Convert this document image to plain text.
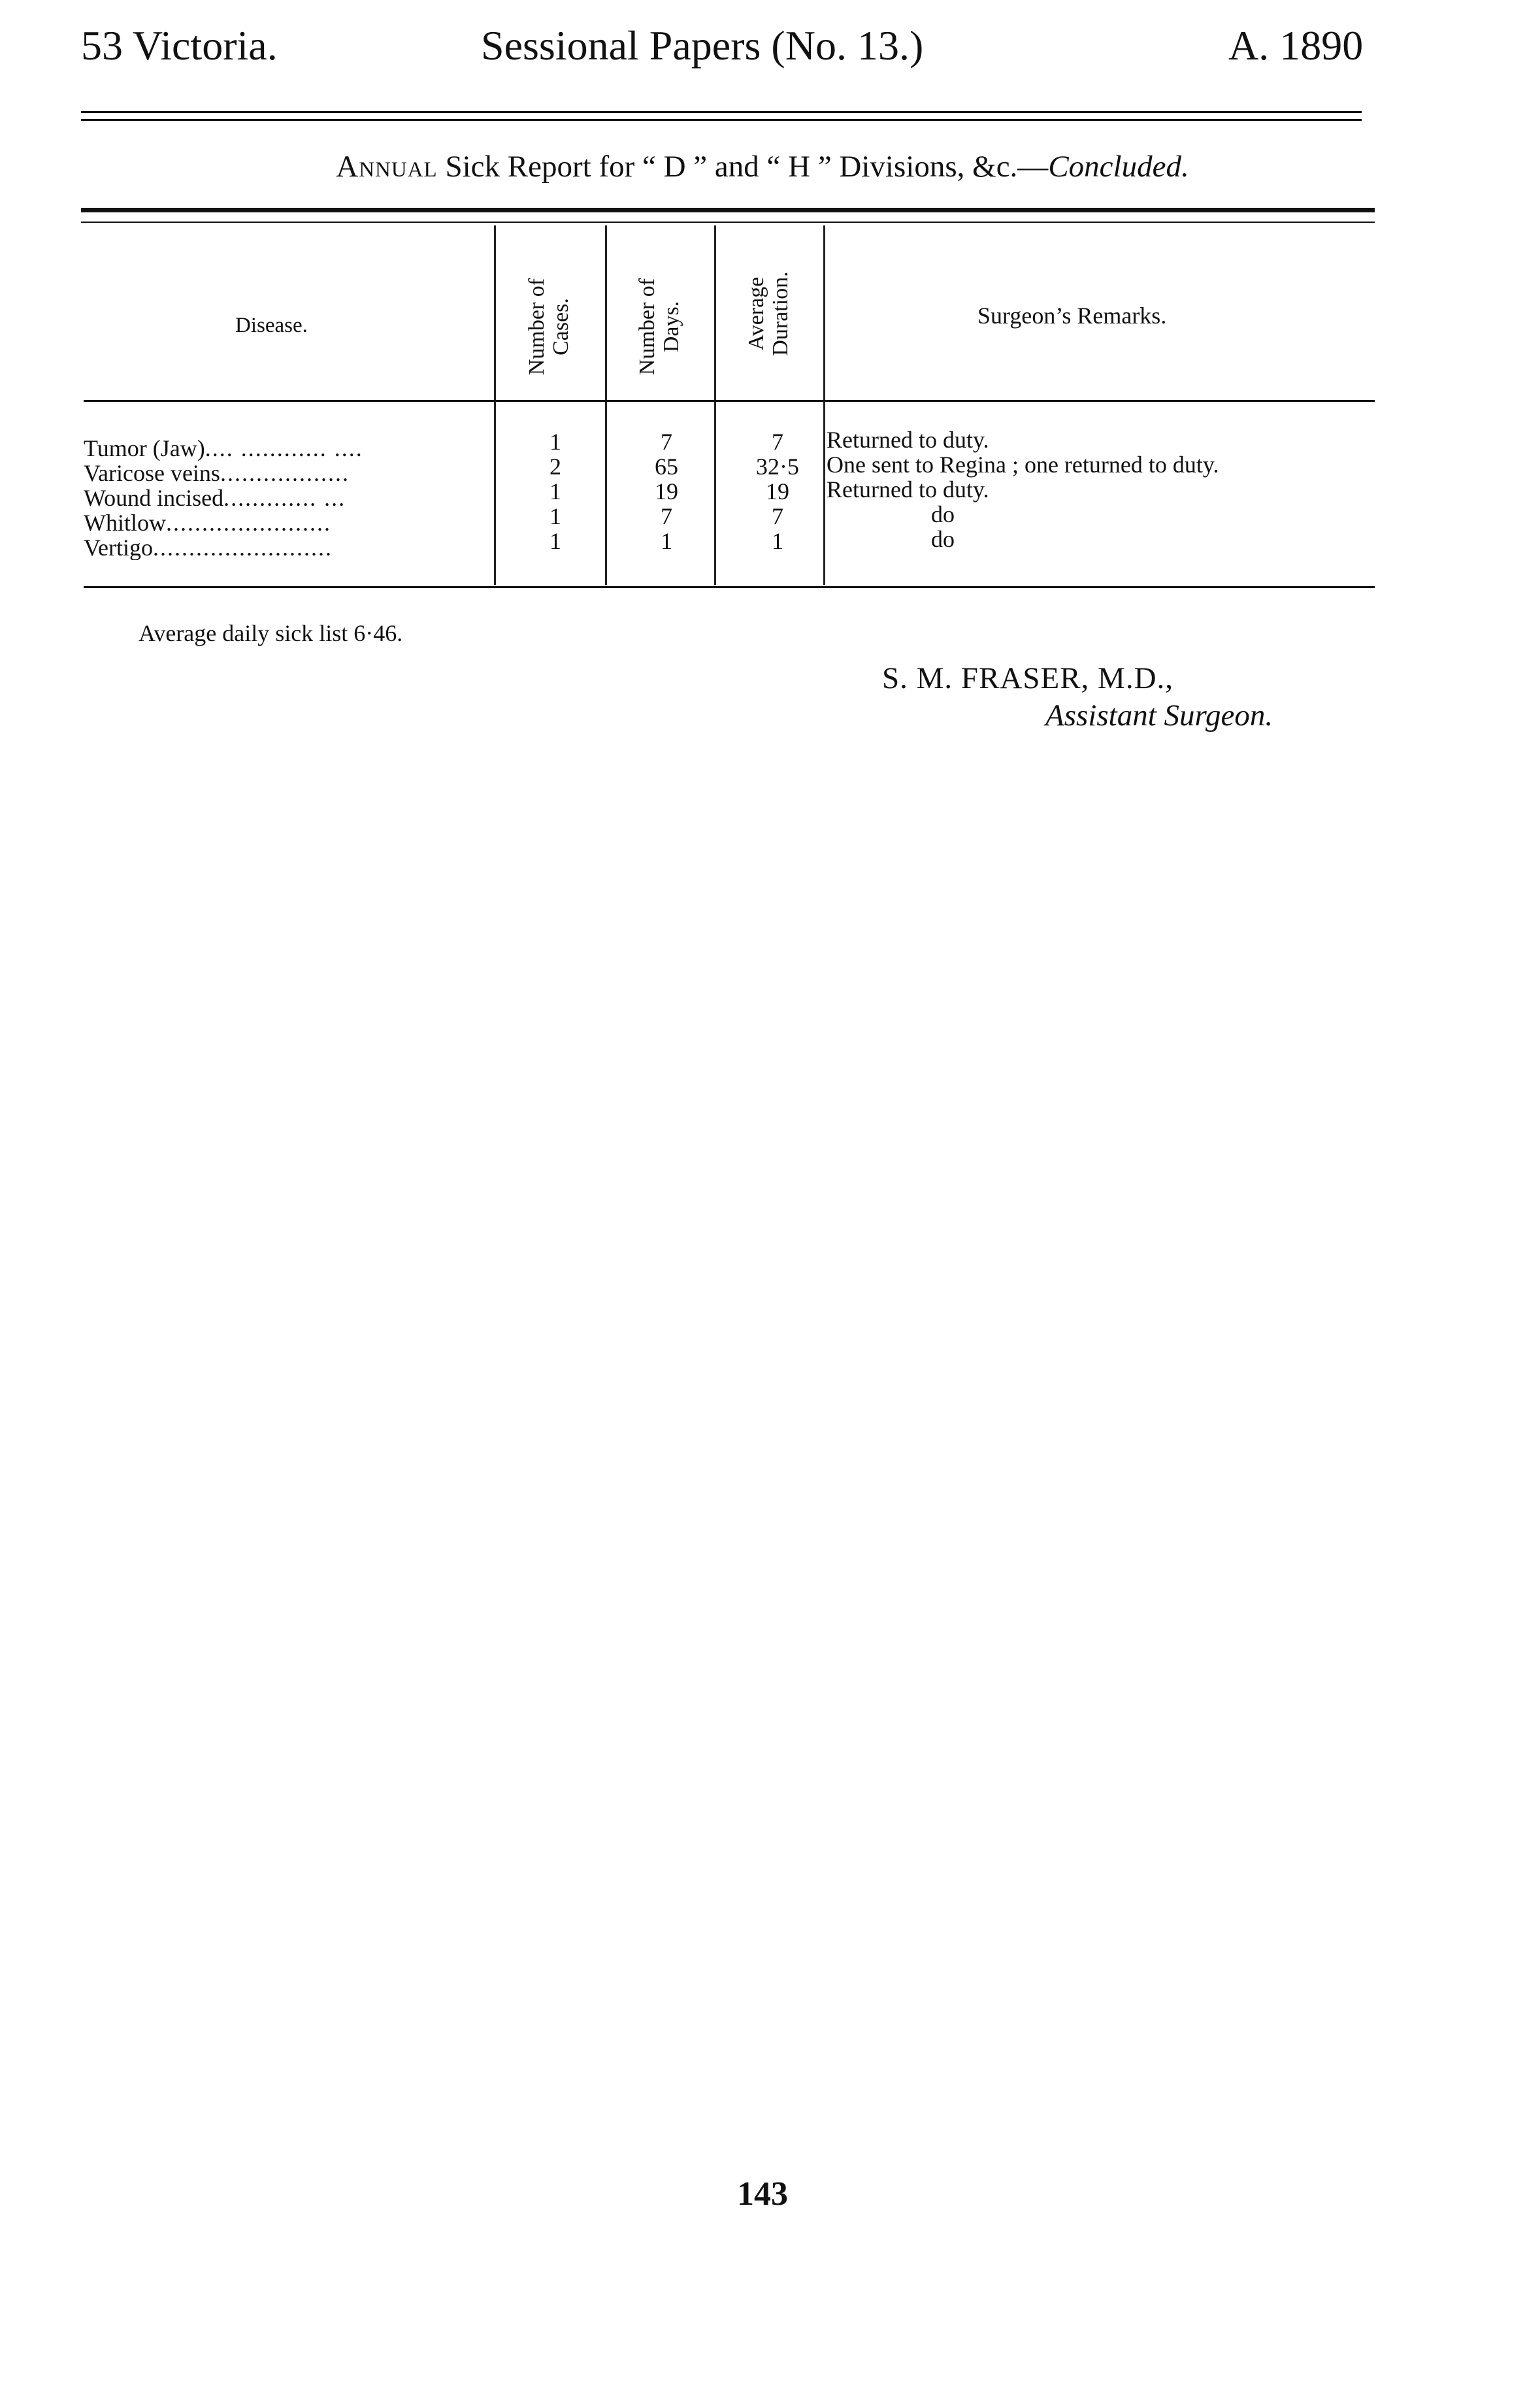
53 Victoria.	Sessional Papers (No. 13.)	A. 1890
Annual Sick Report for “ D ” and “ H ” Divisions, &c.—Concluded.
Disease.	Number of Cases.	Number of Days.	Average Duration.	Surgeon’s Remarks.
Tumor (Jaw).... ............ ....	1	7	7	Returned to duty.
Varicose veins..................	2	65	32·5	One sent to Regina ; one returned to duty.
Wound incised............. ...	1	19	19	Returned to duty.
Whitlow.......................	1	7	7	do
Vertigo.........................	1	1	1	do
Average daily sick list 6·46.
S. M. FRASER, M.D.,
Assistant Surgeon.
143
